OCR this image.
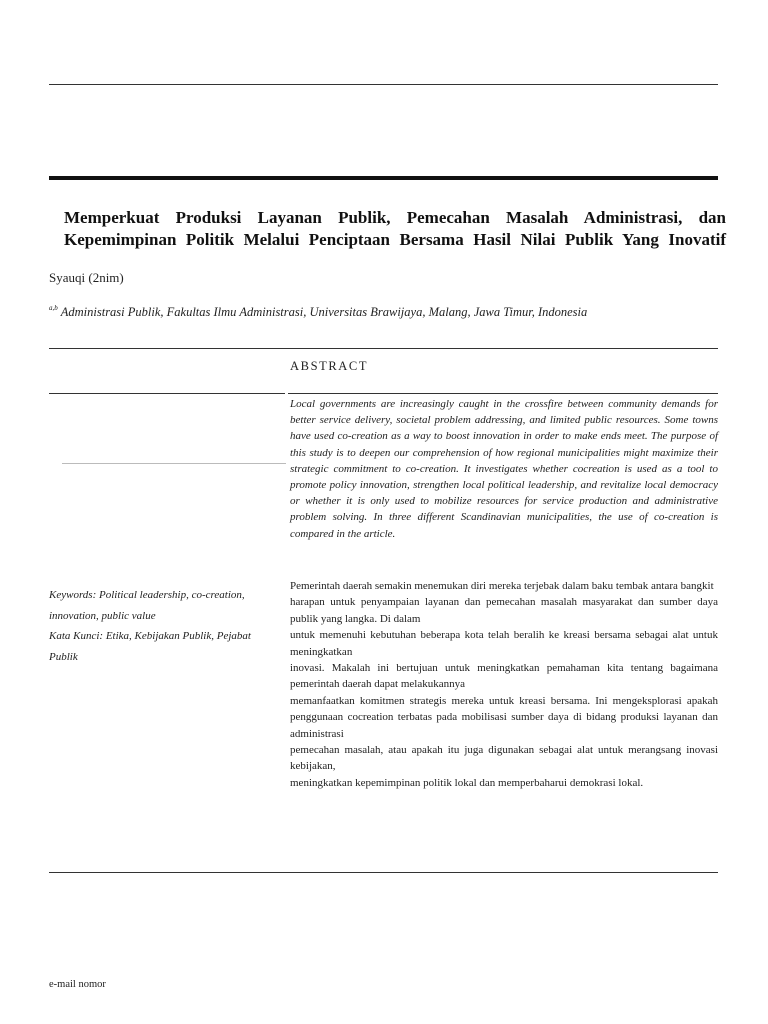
Memperkuat Produksi Layanan Publik, Pemecahan Masalah Administrasi, dan
Kepemimpinan Politik Melalui Penciptaan Bersama Hasil Nilai Publik Yang Inovatif
Syauqi (2nim)
$^{a,b}$ Administrasi Publik, Fakultas Ilmu Administrasi, Universitas Brawijaya, Malang, Jawa Timur, Indonesia
ABSTRACT
Local governments are increasingly caught in the crossfire between community demands for better service delivery, societal problem addressing, and limited public resources. Some towns have used co-creation as a way to boost innovation in order to make ends meet. The purpose of this study is to deepen our comprehension of how regional municipalities might maximize their strategic commitment to co-creation. It investigates whether cocreation is used as a tool to promote policy innovation, strengthen local political leadership, and revitalize local democracy or whether it is only used to mobilize resources for service production and administrative problem solving. In three different Scandinavian municipalities, the use of co-creation is compared in the article.

Keywords: Political leadership, co-creation, innovation, public value

Kata Kunci: Etika, Kebijakan Publik, Pejabat Publik

Pemerintah daerah semakin menemukan diri mereka terjebak dalam baku tembak antara bangkit

harapan untuk penyampaian layanan dan pemecahan masalah masyarakat dan sumber daya publik yang langka. Di dalam

untuk memenuhi kebutuhan beberapa kota telah beralih ke kreasi bersama sebagai alat untuk meningkatkan

inovasi. Makalah ini bertujuan untuk meningkatkan pemahaman kita tentang bagaimana pemerintah daerah dapat melakukannya

memanfaatkan komitmen strategis mereka untuk kreasi bersama. Ini mengeksplorasi apakah penggunaan cocreation terbatas pada mobilisasi sumber daya di bidang produksi layanan dan administrasi

pemecahan masalah, atau apakah itu juga digunakan sebagai alat untuk merangsang inovasi kebijakan,

meningkatkan kepemimpinan politik lokal dan memperbaharui demokrasi lokal.

e-mail nomor
